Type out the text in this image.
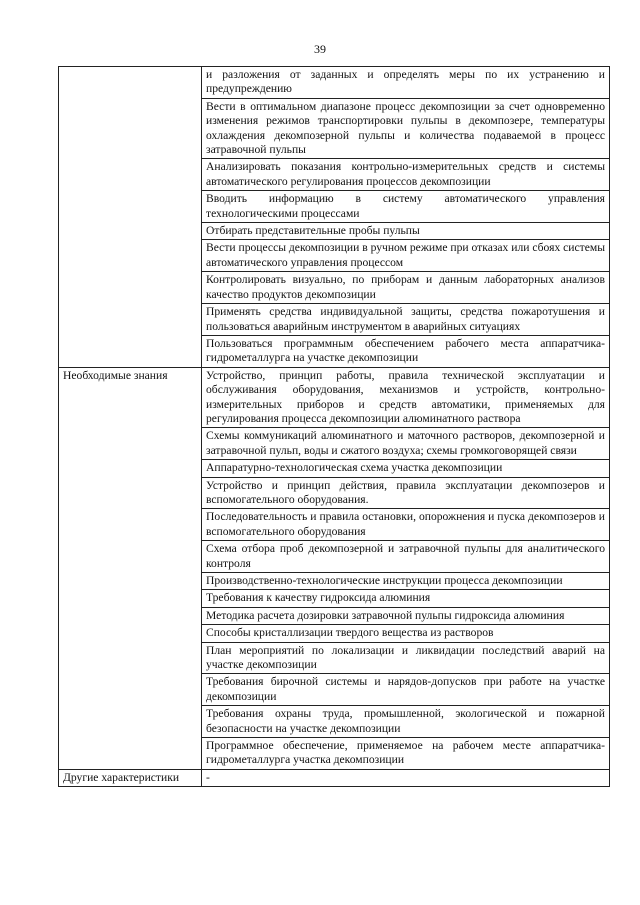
39
	и разложения от заданных и определять меры по их устранению и предупреждению
	Вести в оптимальном диапазоне процесс декомпозиции за счет одновременно изменения режимов транспортировки пульпы в декомпозере, температуры охлаждения декомпозерной пульпы и количества подаваемой в процесс затравочной пульпы
	Анализировать показания контрольно-измерительных средств и системы автоматического регулирования процессов декомпозиции
	Вводить информацию в систему автоматического управления технологическими процессами
	Отбирать представительные пробы пульпы
	Вести процессы декомпозиции в ручном режиме при отказах или сбоях системы автоматического управления процессом
	Контролировать визуально, по приборам и данным лабораторных анализов качество продуктов декомпозиции
	Применять средства индивидуальной защиты, средства пожаротушения и пользоваться аварийным инструментом в аварийных ситуациях
	Пользоваться программным обеспечением рабочего места аппаратчика-гидрометаллурга на участке декомпозиции
Необходимые знания	Устройство, принцип работы, правила технической эксплуатации и обслуживания оборудования, механизмов и устройств, контрольно-измерительных приборов и средств автоматики, применяемых для регулирования процесса декомпозиции алюминатного раствора
	Схемы коммуникаций алюминатного и маточного растворов, декомпозерной и затравочной пульп, воды и сжатого воздуха; схемы громкоговорящей связи
	Аппаратурно-технологическая схема участка декомпозиции
	Устройство и принцип действия, правила эксплуатации декомпозеров и вспомогательного оборудования.
	Последовательность и правила остановки, опорожнения и пуска декомпозеров и вспомогательного оборудования
	Схема отбора проб декомпозерной и затравочной пульпы для аналитического контроля
	Производственно-технологические инструкции процесса декомпозиции
	Требования к качеству гидроксида алюминия
	Методика расчета дозировки затравочной пульпы гидроксида алюминия
	Способы кристаллизации твердого вещества из растворов
	План мероприятий по локализации и ликвидации последствий аварий на участке декомпозиции
	Требования бирочной системы и нарядов-допусков при работе на участке декомпозиции
	Требования охраны труда, промышленной, экологической и пожарной безопасности на участке декомпозиции
	Программное обеспечение, применяемое на рабочем месте аппаратчика-гидрометаллурга участка декомпозиции
Другие характеристики	-
